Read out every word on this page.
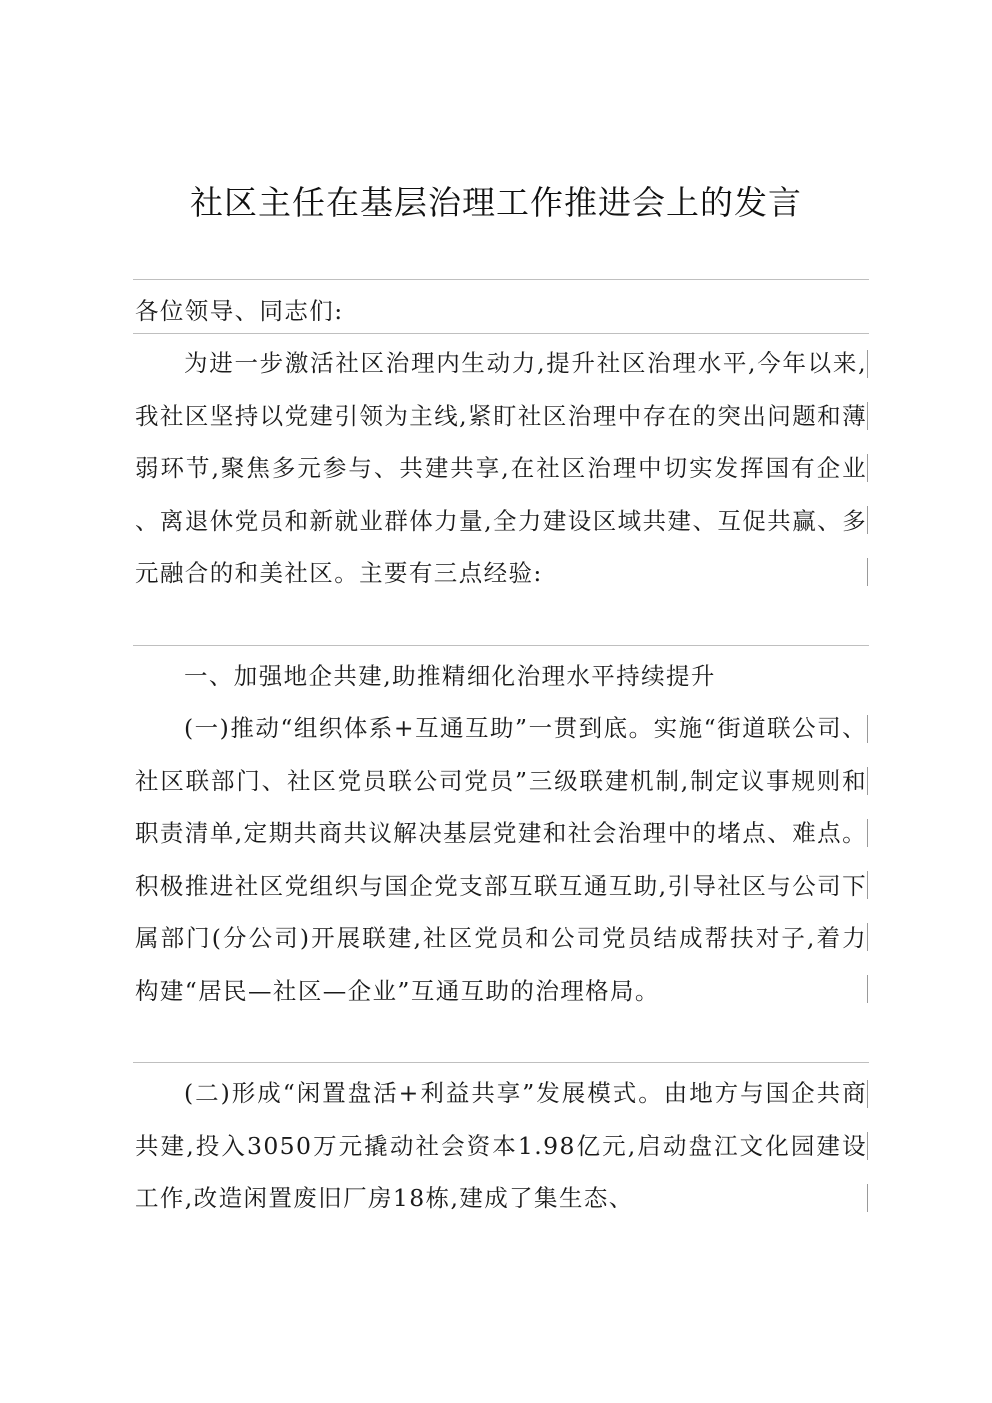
社区主任在基层治理工作推进会上的发言

各位领导、同志们:

为进一步激活社区治理内生动力,提升社区治理水平,今年以来,我社区坚持以党建引领为主线,紧盯社区治理中存在的突出问题和薄弱环节,聚焦多元参与、共建共享,在社区治理中切实发挥国有企业、离退休党员和新就业群体力量,全力建设区域共建、互促共赢、多元融合的和美社区。主要有三点经验:

一、加强地企共建,助推精细化治理水平持续提升

(一)推动“组织体系+互通互助”一贯到底。实施“街道联公司、社区联部门、社区党员联公司党员”三级联建机制,制定议事规则和职责清单,定期共商共议解决基层党建和社会治理中的堵点、难点。积极推进社区党组织与国企党支部互联互通互助,引导社区与公司下属部门(分公司)开展联建,社区党员和公司党员结成帮扶对子,着力构建“居民—社区—企业”互通互助的治理格局。

(二)形成“闲置盘活+利益共享”发展模式。由地方与国企共商共建,投入3050万元撬动社会资本1.98亿元,启动盘江文化园建设工作,改造闲置废旧厂房18栋,建成了集生态、
